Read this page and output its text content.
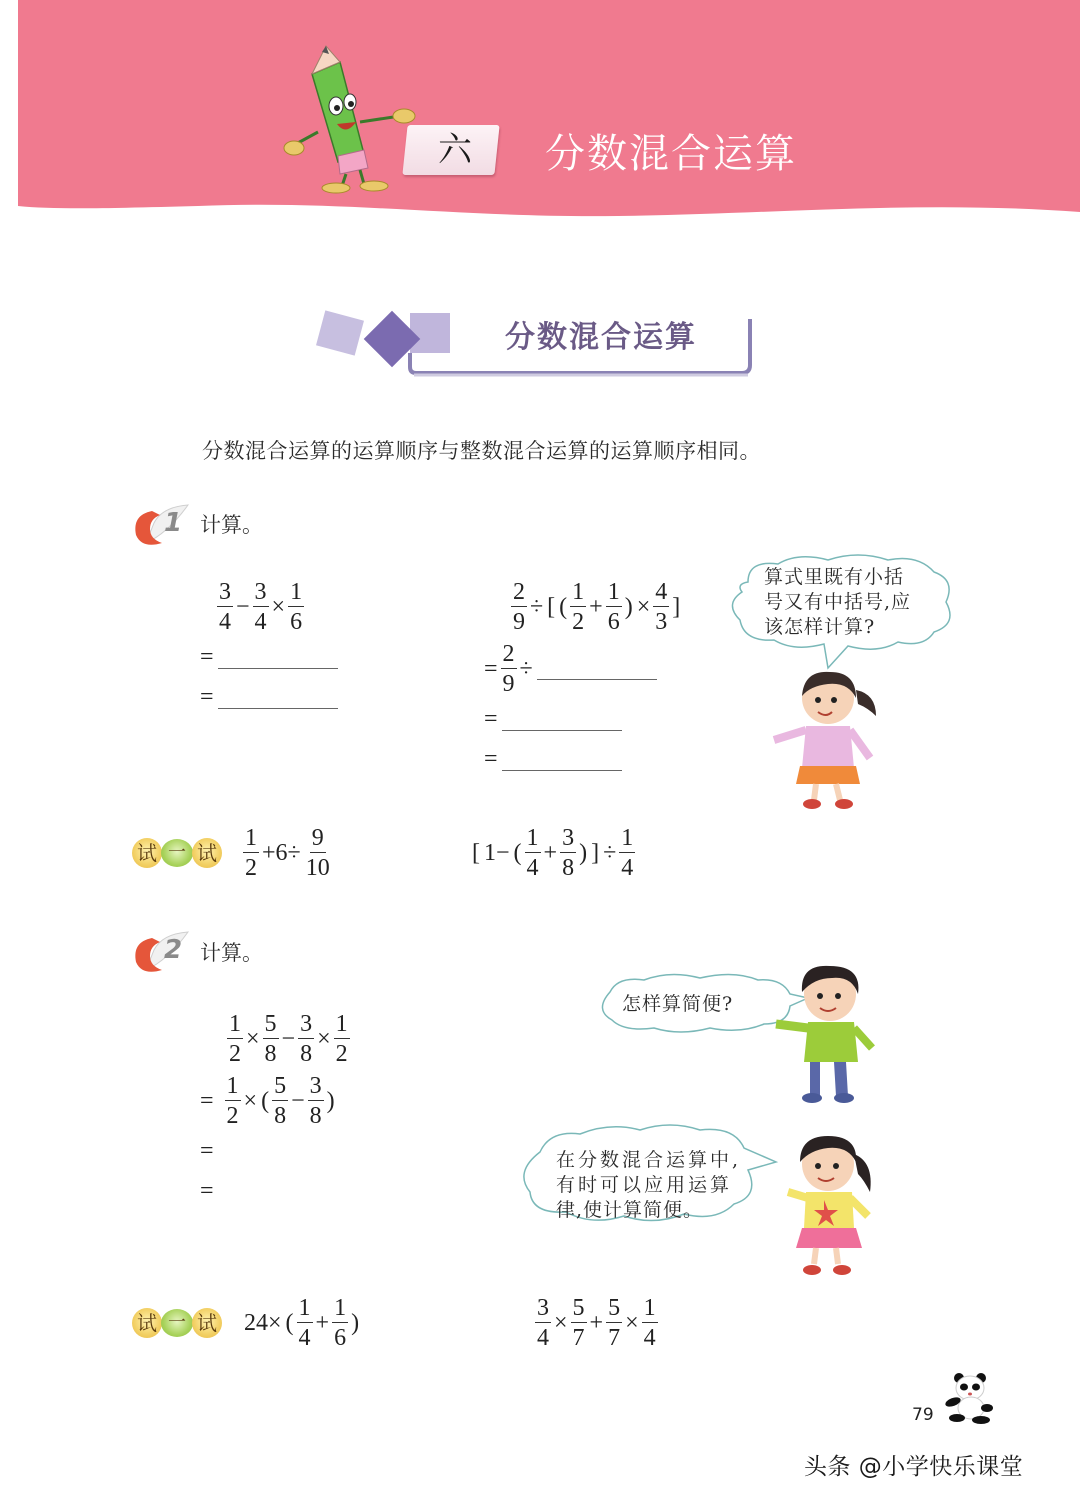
六	分数混合运算
分数混合运算
分数混合运算的运算顺序与整数混合运算的运算顺序相同。
1 计算。
$\frac{3}{4} - \frac{3}{4} \times \frac{1}{6}$
=
=
$\frac{2}{9}$ ÷ [ ( $\frac{1}{2} + \frac{1}{6}$ ) × $\frac{4}{3}$ ]
= $\frac{2}{9}$ ÷
=
=
算式里既有小括
号又有中括号,应
该怎样计算?
试 一 试 $\frac{1}{2} +6\div \frac{9}{10}$	[ 1− ( $\frac{1}{4} + \frac{3}{8}$ ) ] ÷ $\frac{1}{4}$
2 计算。
$\frac{1}{2} \times \frac{5}{8} - \frac{3}{8} \times \frac{1}{2}$
= $\frac{1}{2}$ × ( $\frac{5}{8} - \frac{3}{8}$ )
=
=
怎样算简便?
在分数混合运算中,
有时可以应用运算
律,使计算简便。
试 一 试 24× ( $\frac{1}{4} + \frac{1}{6}$ )	$\frac{3}{4} \times \frac{5}{7} + \frac{5}{7} \times \frac{1}{4}$
79
头条 @小学快乐课堂
